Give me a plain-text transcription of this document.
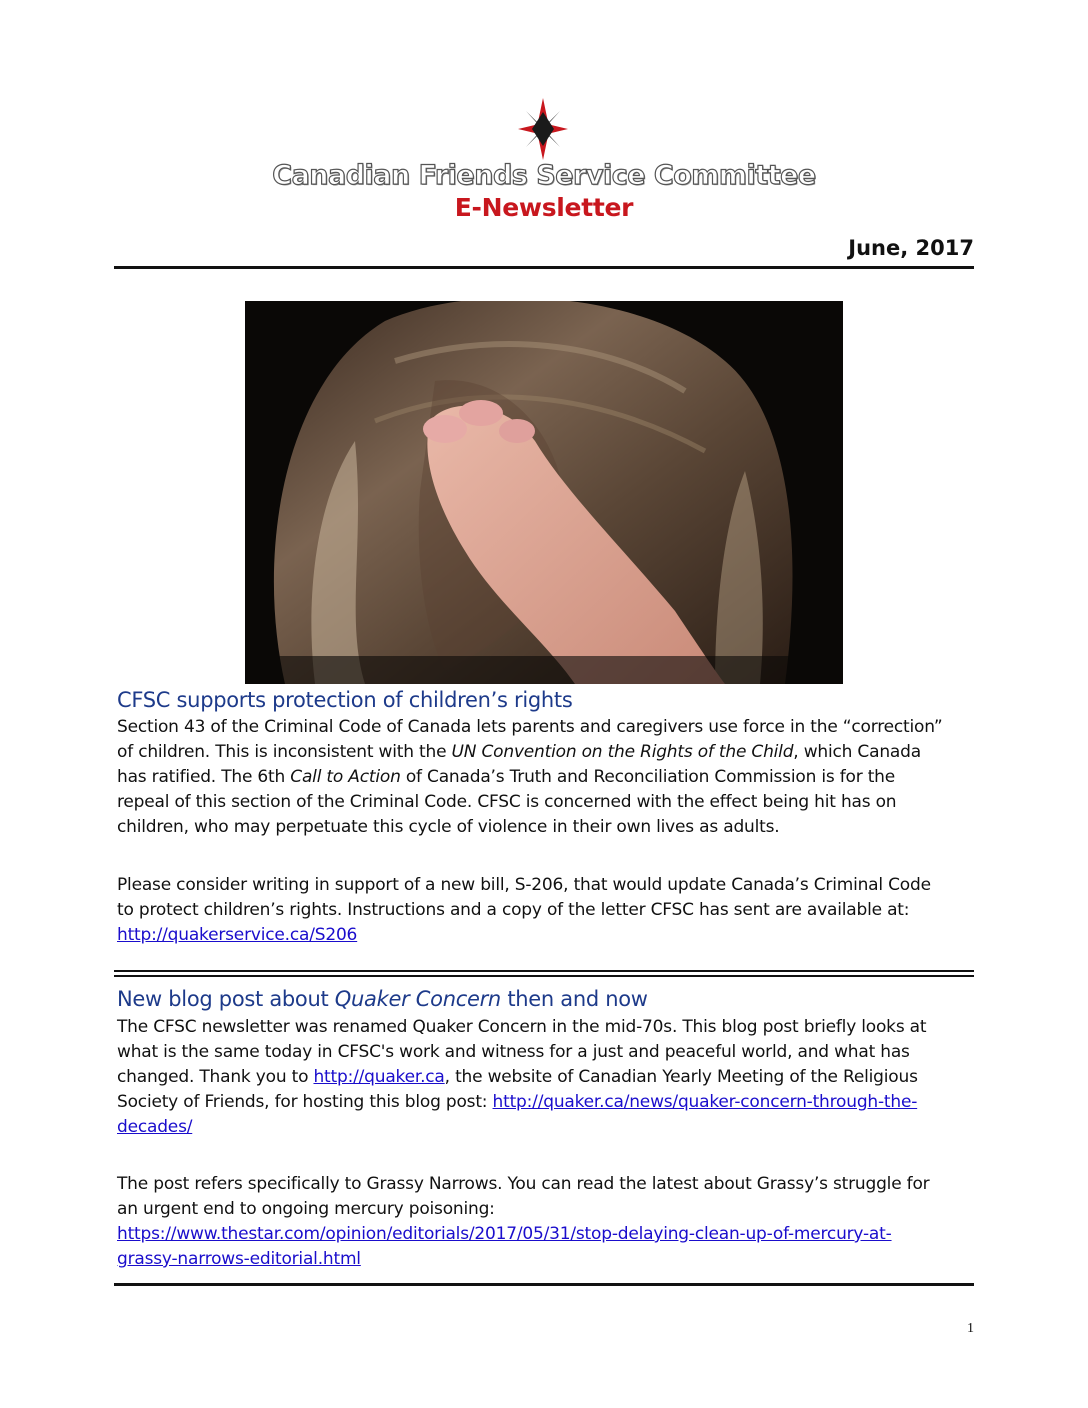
Canadian Friends Service Committee
E-Newsletter
June, 2017
CFSC supports protection of children’s rights

Section 43 of the Criminal Code of Canada lets parents and caregivers use force in the “correction”
of children. This is inconsistent with the UN Convention on the Rights of the Child, which Canada
has ratified. The 6th Call to Action of Canada’s Truth and Reconciliation Commission is for the
repeal of this section of the Criminal Code. CFSC is concerned with the effect being hit has on
children, who may perpetuate this cycle of violence in their own lives as adults.

Please consider writing in support of a new bill, S-206, that would update Canada’s Criminal Code
to protect children’s rights. Instructions and a copy of the letter CFSC has sent are available at:
http://quakerservice.ca/S206

New blog post about Quaker Concern then and now

The CFSC newsletter was renamed Quaker Concern in the mid-70s. This blog post briefly looks at
what is the same today in CFSC's work and witness for a just and peaceful world, and what has
changed. Thank you to http://quaker.ca, the website of Canadian Yearly Meeting of the Religious
Society of Friends, for hosting this blog post: http://quaker.ca/news/quaker-concern-through-the-
decades/

The post refers specifically to Grassy Narrows. You can read the latest about Grassy’s struggle for
an urgent end to ongoing mercury poisoning:
https://www.thestar.com/opinion/editorials/2017/05/31/stop-delaying-clean-up-of-mercury-at-
grassy-narrows-editorial.html

1
